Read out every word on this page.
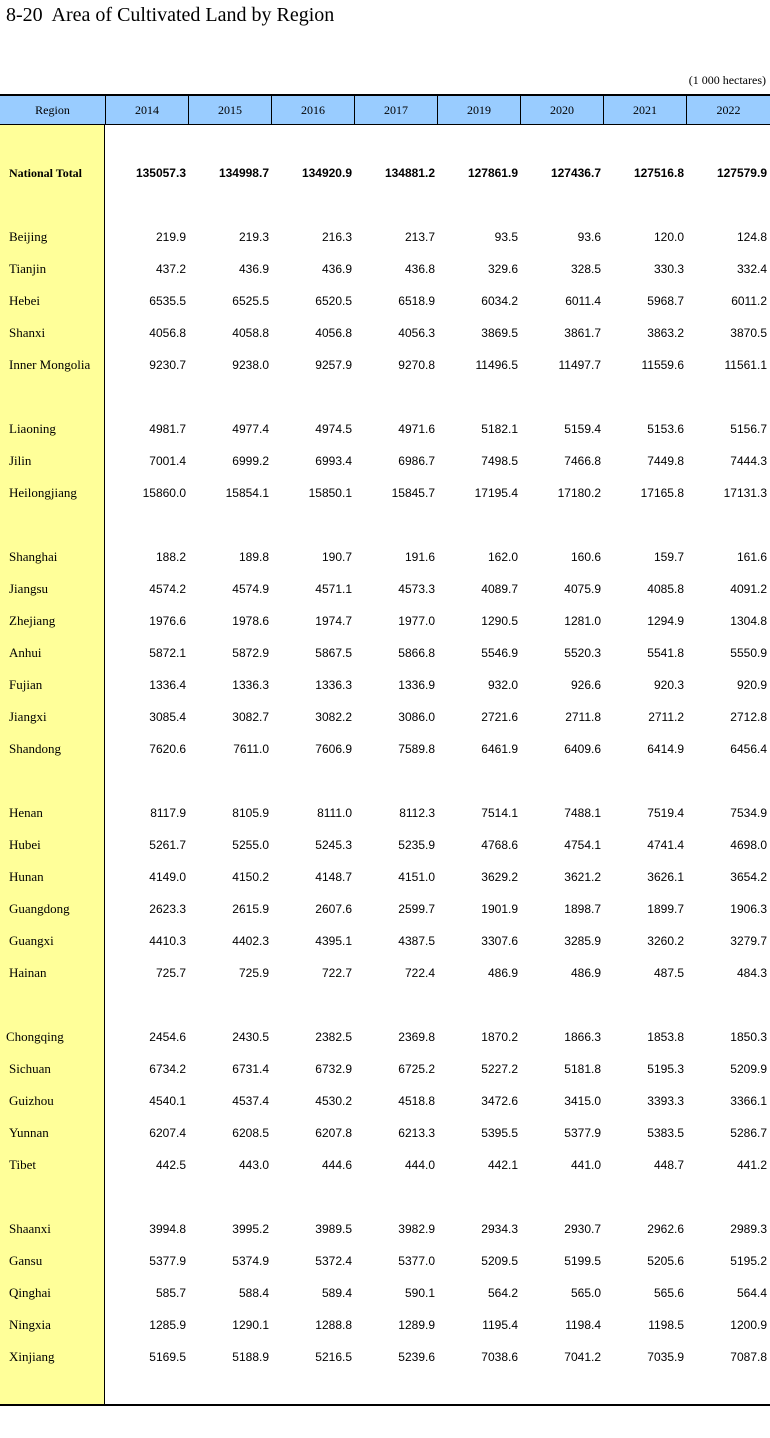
8-20  Area of Cultivated Land by Region
(1 000 hectares)
Region	2014	2015	2016	2017	2019	2020	2021	2022
National Total	135057.3	134998.7	134920.9	134881.2	127861.9	127436.7	127516.8	127579.9
Beijing	219.9	219.3	216.3	213.7	93.5	93.6	120.0	124.8
Tianjin	437.2	436.9	436.9	436.8	329.6	328.5	330.3	332.4
Hebei	6535.5	6525.5	6520.5	6518.9	6034.2	6011.4	5968.7	6011.2
Shanxi	4056.8	4058.8	4056.8	4056.3	3869.5	3861.7	3863.2	3870.5
Inner Mongolia	9230.7	9238.0	9257.9	9270.8	11496.5	11497.7	11559.6	11561.1
Liaoning	4981.7	4977.4	4974.5	4971.6	5182.1	5159.4	5153.6	5156.7
Jilin	7001.4	6999.2	6993.4	6986.7	7498.5	7466.8	7449.8	7444.3
Heilongjiang	15860.0	15854.1	15850.1	15845.7	17195.4	17180.2	17165.8	17131.3
Shanghai	188.2	189.8	190.7	191.6	162.0	160.6	159.7	161.6
Jiangsu	4574.2	4574.9	4571.1	4573.3	4089.7	4075.9	4085.8	4091.2
Zhejiang	1976.6	1978.6	1974.7	1977.0	1290.5	1281.0	1294.9	1304.8
Anhui	5872.1	5872.9	5867.5	5866.8	5546.9	5520.3	5541.8	5550.9
Fujian	1336.4	1336.3	1336.3	1336.9	932.0	926.6	920.3	920.9
Jiangxi	3085.4	3082.7	3082.2	3086.0	2721.6	2711.8	2711.2	2712.8
Shandong	7620.6	7611.0	7606.9	7589.8	6461.9	6409.6	6414.9	6456.4
Henan	8117.9	8105.9	8111.0	8112.3	7514.1	7488.1	7519.4	7534.9
Hubei	5261.7	5255.0	5245.3	5235.9	4768.6	4754.1	4741.4	4698.0
Hunan	4149.0	4150.2	4148.7	4151.0	3629.2	3621.2	3626.1	3654.2
Guangdong	2623.3	2615.9	2607.6	2599.7	1901.9	1898.7	1899.7	1906.3
Guangxi	4410.3	4402.3	4395.1	4387.5	3307.6	3285.9	3260.2	3279.7
Hainan	725.7	725.9	722.7	722.4	486.9	486.9	487.5	484.3
Chongqing	2454.6	2430.5	2382.5	2369.8	1870.2	1866.3	1853.8	1850.3
Sichuan	6734.2	6731.4	6732.9	6725.2	5227.2	5181.8	5195.3	5209.9
Guizhou	4540.1	4537.4	4530.2	4518.8	3472.6	3415.0	3393.3	3366.1
Yunnan	6207.4	6208.5	6207.8	6213.3	5395.5	5377.9	5383.5	5286.7
Tibet	442.5	443.0	444.6	444.0	442.1	441.0	448.7	441.2
Shaanxi	3994.8	3995.2	3989.5	3982.9	2934.3	2930.7	2962.6	2989.3
Gansu	5377.9	5374.9	5372.4	5377.0	5209.5	5199.5	5205.6	5195.2
Qinghai	585.7	588.4	589.4	590.1	564.2	565.0	565.6	564.4
Ningxia	1285.9	1290.1	1288.8	1289.9	1195.4	1198.4	1198.5	1200.9
Xinjiang	5169.5	5188.9	5216.5	5239.6	7038.6	7041.2	7035.9	7087.8
